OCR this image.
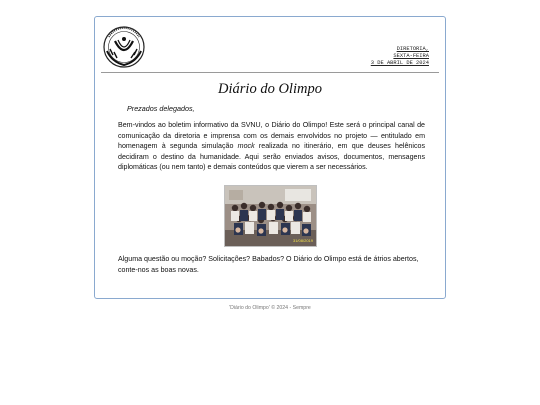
DIRETORIA,
SEXTA-FEIRA
3 DE ABRIL DE 2024
Diário do Olimpo
Prezados delegados,

Bem-vindos ao boletim informativo da SVNU, o Diário do Olimpo! Este será o principal canal de comunicação da diretoria e imprensa com os demais envolvidos no projeto — entitulado em homenagem à segunda simulação mock realizada no itinerário, em que deuses helênicos decidiram o destino da humanidade. Aqui serão enviados avisos, documentos, mensagens diplomáticas (ou nem tanto) e demais conteúdos que vierem a ser necessários.

31/08/2019

Alguma questão ou moção? Solicitações? Babados? O Diário do Olimpo está de átrios abertos, conte-nos as boas novas.

'Diário do Olimpo' © 2024 - Sempre
